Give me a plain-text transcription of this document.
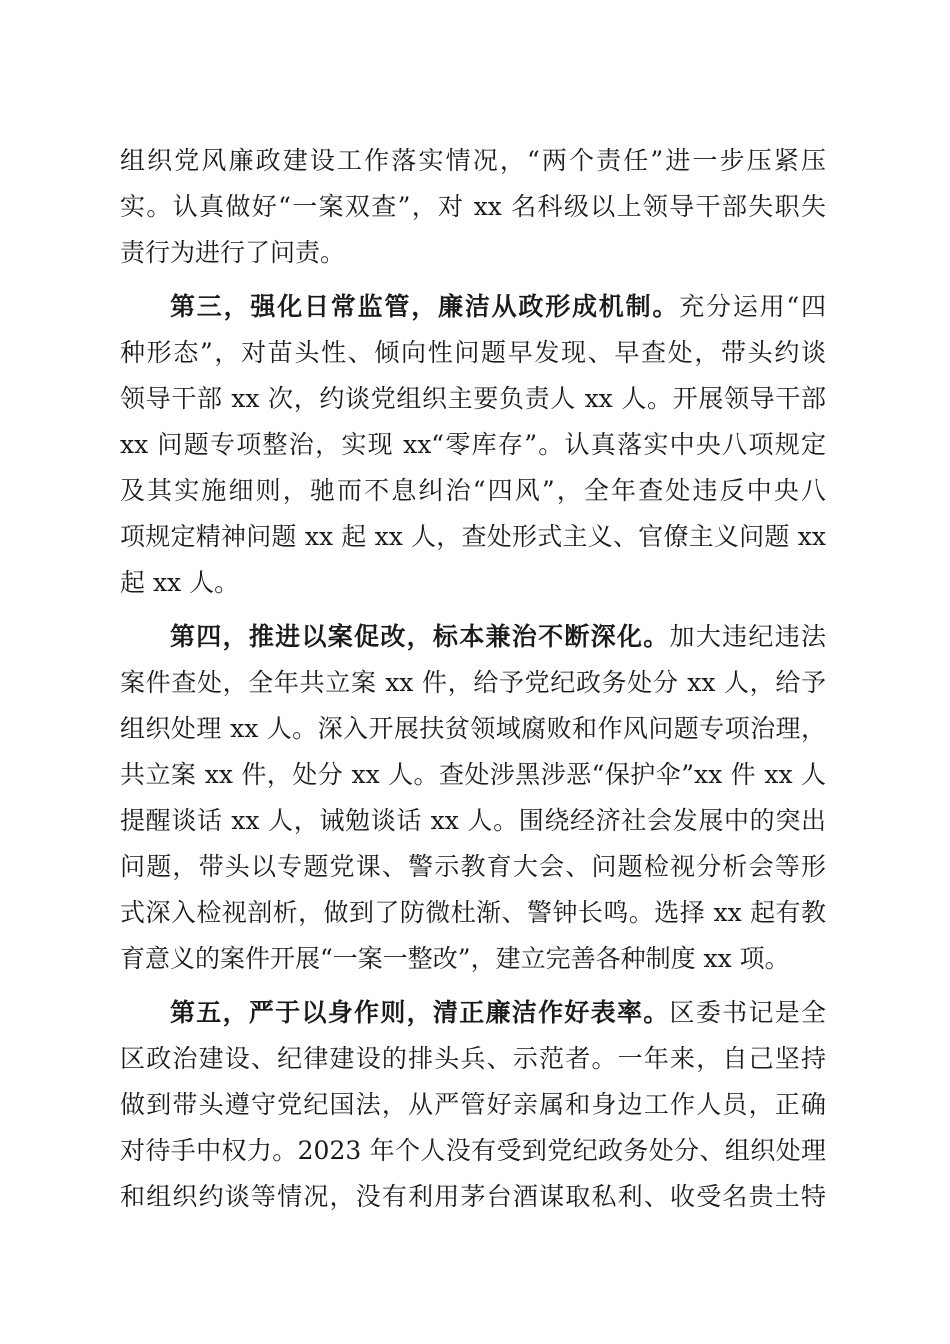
组织党风廉政建设工作落实情况，“两个责任”进一步压紧压
实。认真做好“一案双查”，对 xx 名科级以上领导干部失职失
责行为进行了问责。
第三，强化日常监管，廉洁从政形成机制。充分运用“四
种形态”，对苗头性、倾向性问题早发现、早查处，带头约谈
领导干部 xx 次，约谈党组织主要负责人 xx 人。开展领导干部
xx 问题专项整治，实现 xx“零库存”。认真落实中央八项规定
及其实施细则，驰而不息纠治“四风”，全年查处违反中央八
项规定精神问题 xx 起 xx 人，查处形式主义、官僚主义问题 xx
起 xx 人。
第四，推进以案促改，标本兼治不断深化。加大违纪违法
案件查处，全年共立案 xx 件，给予党纪政务处分 xx 人，给予
组织处理 xx 人。深入开展扶贫领域腐败和作风问题专项治理，
共立案 xx 件，处分 xx 人。查处涉黑涉恶“保护伞”xx 件 xx 人
提醒谈话 xx 人，诫勉谈话 xx 人。围绕经济社会发展中的突出
问题，带头以专题党课、警示教育大会、问题检视分析会等形
式深入检视剖析，做到了防微杜渐、警钟长鸣。选择 xx 起有教
育意义的案件开展“一案一整改”，建立完善各种制度 xx 项。
第五，严于以身作则，清正廉洁作好表率。区委书记是全
区政治建设、纪律建设的排头兵、示范者。一年来，自己坚持
做到带头遵守党纪国法，从严管好亲属和身边工作人员，正确
对待手中权力。2023 年个人没有受到党纪政务处分、组织处理
和组织约谈等情况，没有利用茅台酒谋取私利、收受名贵土特
